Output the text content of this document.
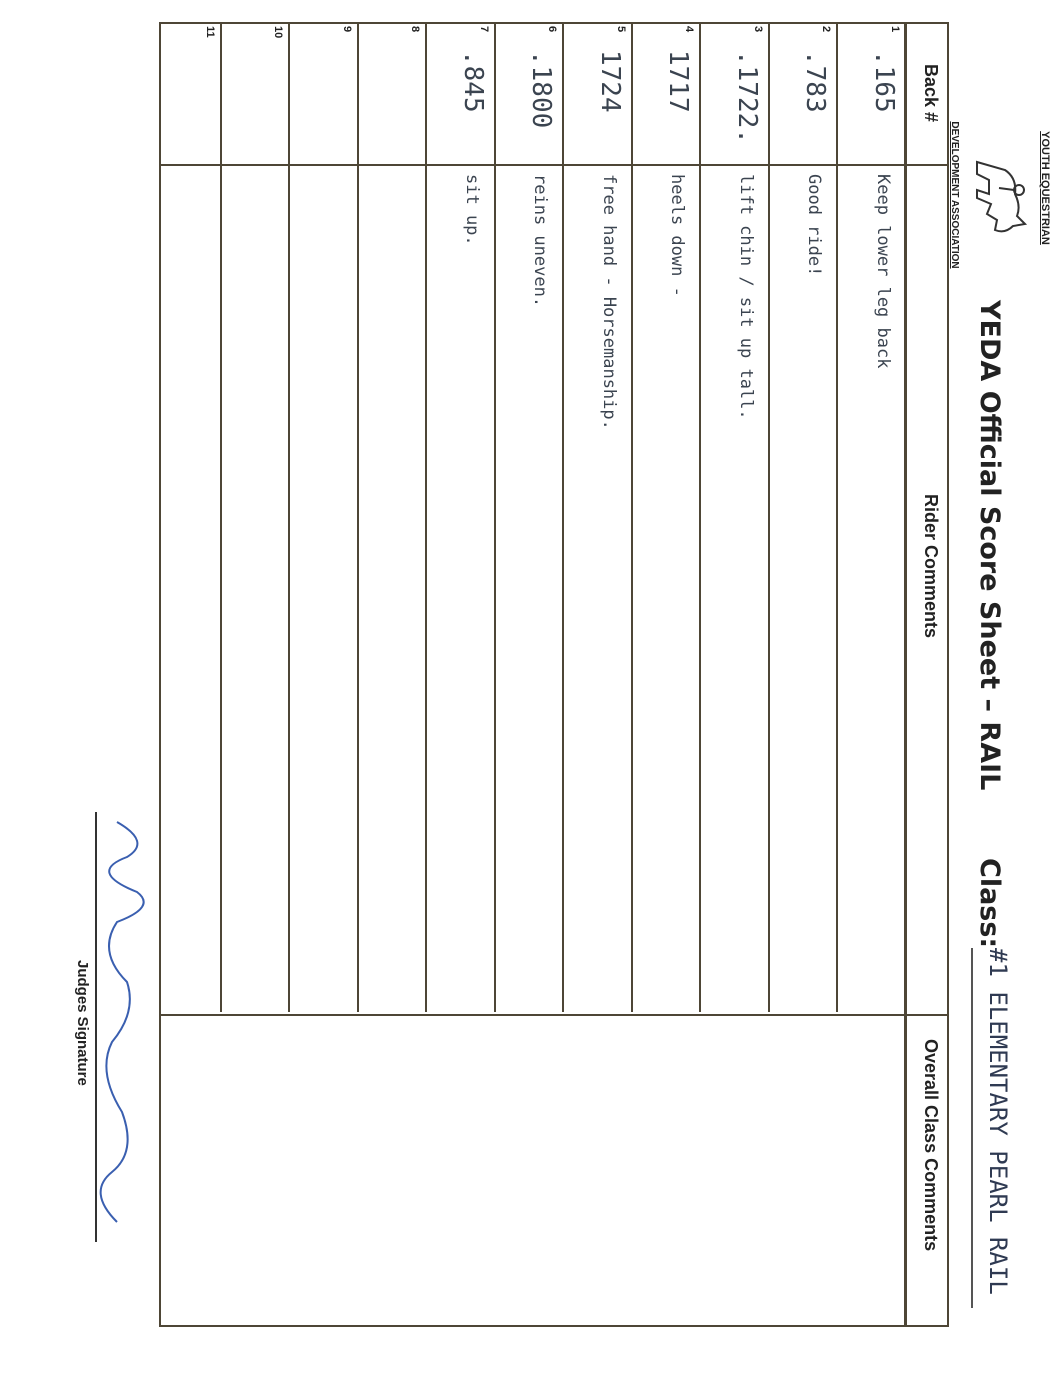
YOUTH EQUESTRIAN
DEVELOPMENT ASSOCIATION
YEDA Official Score Sheet – RAIL
Class:
#1 ELEMENTARY PEARL RAIL
Back #
Rider Comments
Overall Class Comments
1
.165
Keep lower leg back
2
.783
Good ride!
3
.1722.
lift chin / sit up tall.
4
1717
heels down -
5
1724
free hand - Horsemanship.
6
.1800
reins uneven.
7
.845
sit up.
8
9
10
11
Judges Signature
